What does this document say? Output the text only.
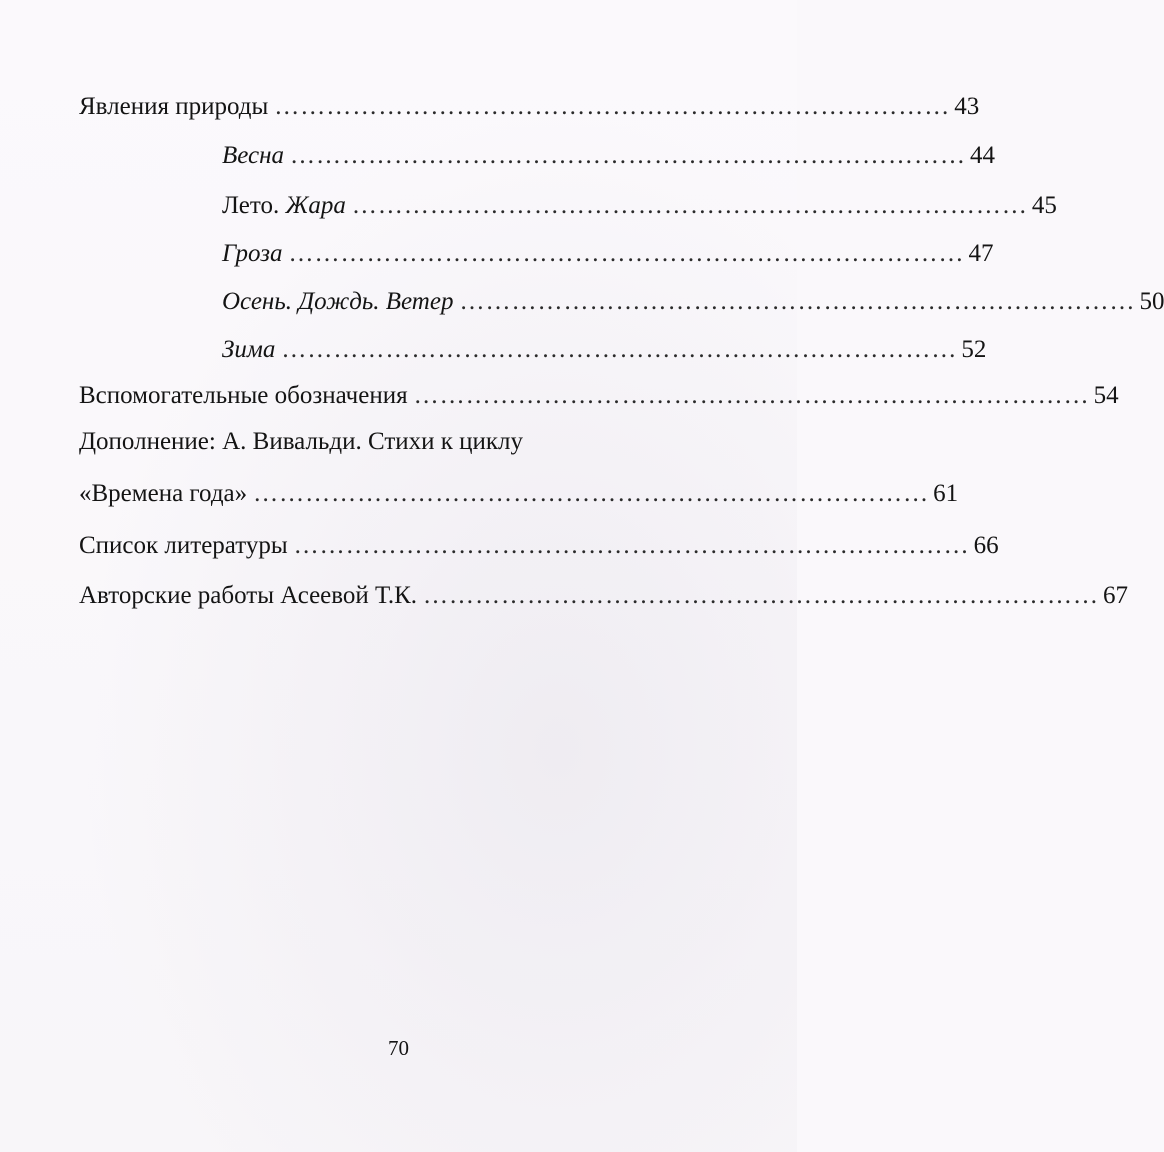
Явления природы …………………………………………………………………… 43
Весна …………………………………………………………………… 44
Лето. Жара …………………………………………………………………… 45
Гроза …………………………………………………………………… 47
Осень. Дождь. Ветер …………………………………………………………………… 50
Зима …………………………………………………………………… 52
Вспомогательные обозначения …………………………………………………………………… 54
Дополнение: А. Вивальди. Стихи к циклу
«Времена года» …………………………………………………………………… 61
Список литературы …………………………………………………………………… 66
Авторские работы Асеевой Т.К. …………………………………………………………………… 67
70
